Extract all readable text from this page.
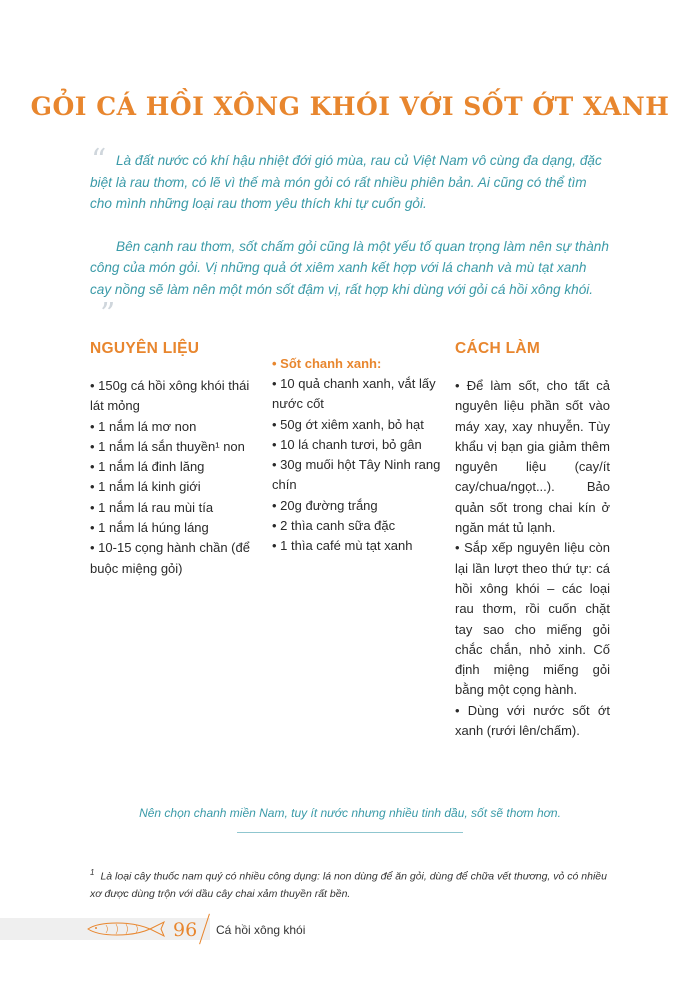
GỎI CÁ HỒI XÔNG KHÓI VỚI SỐT ỚT XANH
“ Là đất nước có khí hậu nhiệt đới gió mùa, rau củ Việt Nam vô cùng đa dạng, đặc biệt là rau thơm, có lẽ vì thế mà món gỏi có rất nhiều phiên bản. Ai cũng có thể tìm cho mình những loại rau thơm yêu thích khi tự cuốn gỏi.

Bên cạnh rau thơm, sốt chấm gỏi cũng là một yếu tố quan trọng làm nên sự thành công của món gỏi. Vị những quả ớt xiêm xanh kết hợp với lá chanh và mù tạt xanh cay nồng sẽ làm nên một món sốt đậm vị, rất hợp khi dùng với gỏi cá hồi xông khói.

”
NGUYÊN LIỆU
• 150g cá hồi xông khói thái lát mỏng
• 1 nắm lá mơ non
• 1 nắm lá sắn thuyền¹ non
• 1 nắm lá đinh lăng
• 1 nắm lá kinh giới
• 1 nắm lá rau mùi tía
• 1 nắm lá húng láng
• 10-15 cọng hành chần (để buộc miệng gỏi)
• Sốt chanh xanh:
• 10 quả chanh xanh, vắt lấy nước cốt
• 50g ớt xiêm xanh, bỏ hạt
• 10 lá chanh tươi, bỏ gân
• 30g muối hột Tây Ninh rang chín
• 20g đường trắng
• 2 thìa canh sữa đặc
• 1 thìa café mù tạt xanh
CÁCH LÀM
• Để làm sốt, cho tất cả nguyên liệu phần sốt vào máy xay, xay nhuyễn. Tùy khẩu vị bạn gia giảm thêm nguyên liệu (cay/ít cay/chua/ngọt...). Bảo quản sốt trong chai kín ở ngăn mát tủ lạnh.
• Sắp xếp nguyên liệu còn lại lần lượt theo thứ tự: cá hồi xông khói – các loại rau thơm, rồi cuốn chặt tay sao cho miếng gỏi chắc chắn, nhỏ xinh. Cố định miệng miếng gỏi bằng một cọng hành.
• Dùng với nước sốt ớt xanh (rưới lên/chấm).
Nên chọn chanh miền Nam, tuy ít nước nhưng nhiều tinh dầu, sốt sẽ thơm hơn.
$^1$ Là loại cây thuốc nam quý có nhiều công dụng: lá non dùng để ăn gỏi, dùng để chữa vết thương, vỏ có nhiều xơ được dùng trộn với dầu cây chai xảm thuyền rất bền.
96 Cá hồi xông khói
